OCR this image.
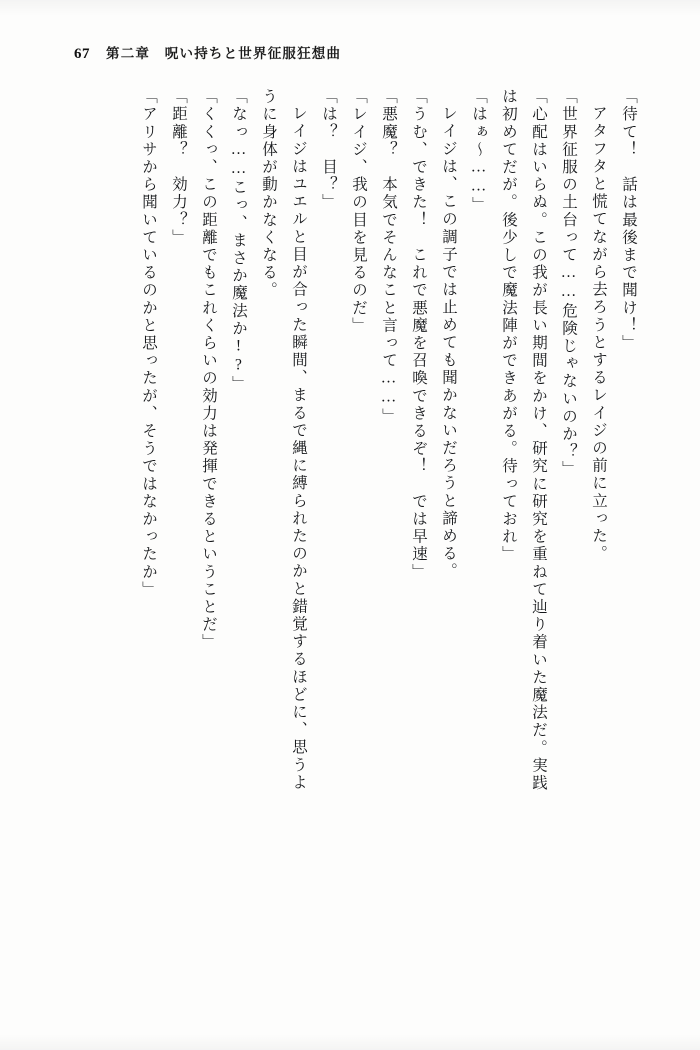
67 第二章　呪い持ちと世界征服狂想曲
「待て！　話は最後まで聞け！」
アタフタと慌てながら去ろうとするレイジの前に立った。
「世界征服の土台って……危険じゃないのか？」
「心配はいらぬ。この我が長い期間をかけ、研究に研究を重ねて辿り着いた魔法だ。実践
は初めてだが。後少しで魔法陣ができあがる。待っておれ」
「はぁ～……」
レイジは、この調子では止めても聞かないだろうと諦める。
「うむ、できた！　これで悪魔を召喚できるぞ！　では早速」
「悪魔？　本気でそんなこと言って……」
「レイジ、我の目を見るのだ」
「は？　目？」
レイジはユエルと目が合った瞬間、まるで縄に縛られたのかと錯覚するほどに、思うよ
うに身体が動かなくなる。
「なっ……こっ、まさか魔法か!?」
「くくっ、この距離でもこれくらいの効力は発揮できるということだ」
「距離？　効力？」
「アリサから聞いているのかと思ったが、そうではなかったか」
